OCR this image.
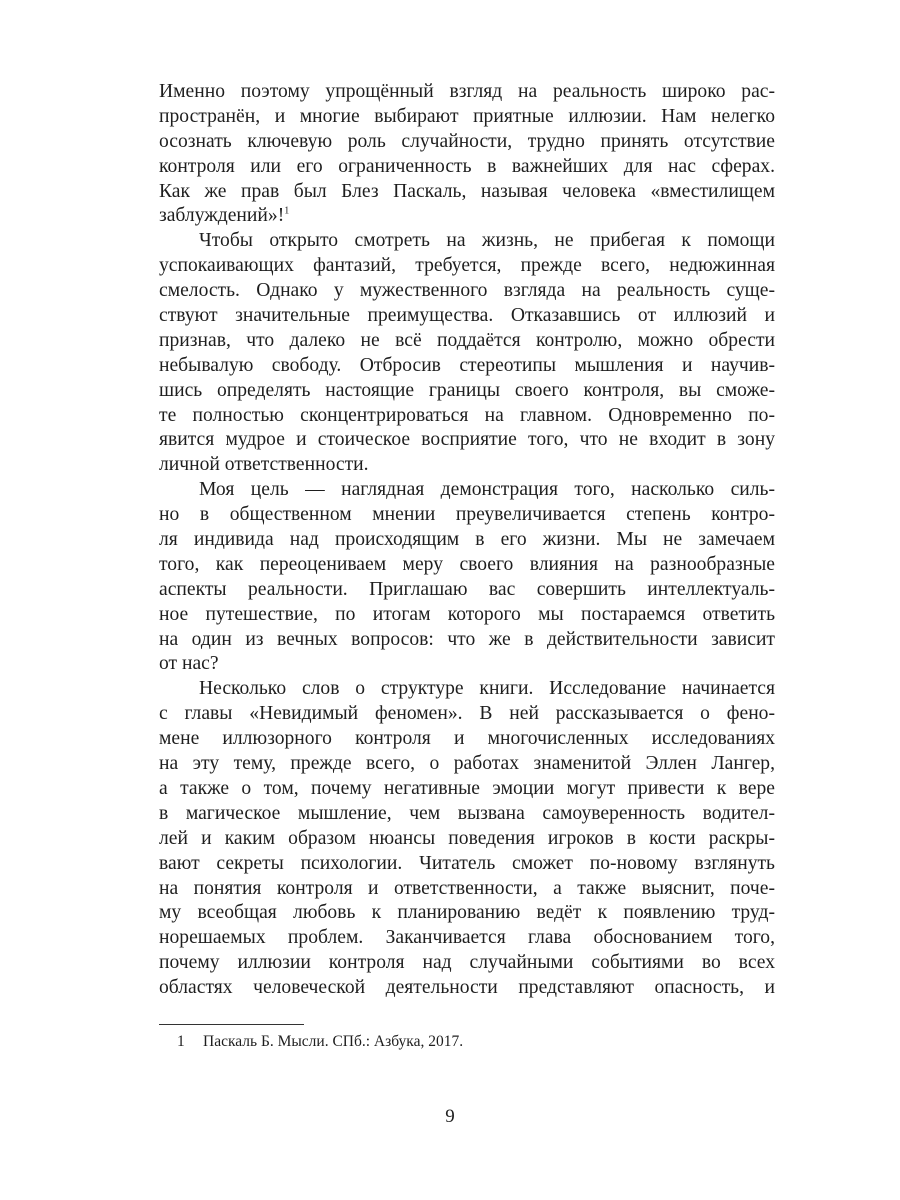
Именно поэтому упрощённый взгляд на реальность широко рас-
пространён, и многие выбирают приятные иллюзии. Нам нелегко
осознать ключевую роль случайности, трудно принять отсутствие
контроля или его ограниченность в важнейших для нас сферах.
Как же прав был Блез Паскаль, называя человека «вместилищем
заблуждений»!$^1$
Чтобы открыто смотреть на жизнь, не прибегая к помощи
успокаивающих фантазий, требуется, прежде всего, недюжинная
смелость. Однако у мужественного взгляда на реальность суще-
ствуют значительные преимущества. Отказавшись от иллюзий и
признав, что далеко не всё поддаётся контролю, можно обрести
небывалую свободу. Отбросив стереотипы мышления и научив-
шись определять настоящие границы своего контроля, вы сможе-
те полностью сконцентрироваться на главном. Одновременно по-
явится мудрое и стоическое восприятие того, что не входит в зону
личной ответственности.
Моя цель — наглядная демонстрация того, насколько силь-
но в общественном мнении преувеличивается степень контро-
ля индивида над происходящим в его жизни. Мы не замечаем
того, как переоцениваем меру своего влияния на разнообразные
аспекты реальности. Приглашаю вас совершить интеллектуаль-
ное путешествие, по итогам которого мы постараемся ответить
на один из вечных вопросов: что же в действительности зависит
от нас?
Несколько слов о структуре книги. Исследование начинается
с главы «Невидимый феномен». В ней рассказывается о фено-
мене иллюзорного контроля и многочисленных исследованиях
на эту тему, прежде всего, о работах знаменитой Эллен Лангер,
а также о том, почему негативные эмоции могут привести к вере
в магическое мышление, чем вызвана самоуверенность водител-
лей и каким образом нюансы поведения игроков в кости раскры-
вают секреты психологии. Читатель сможет по-новому взглянуть
на понятия контроля и ответственности, а также выяснит, поче-
му всеобщая любовь к планированию ведёт к появлению труд-
норешаемых проблем. Заканчивается глава обоснованием того,
почему иллюзии контроля над случайными событиями во всех
областях человеческой деятельности представляют опасность, и
1 Паскаль Б. Мысли. СПб.: Азбука, 2017.
9
